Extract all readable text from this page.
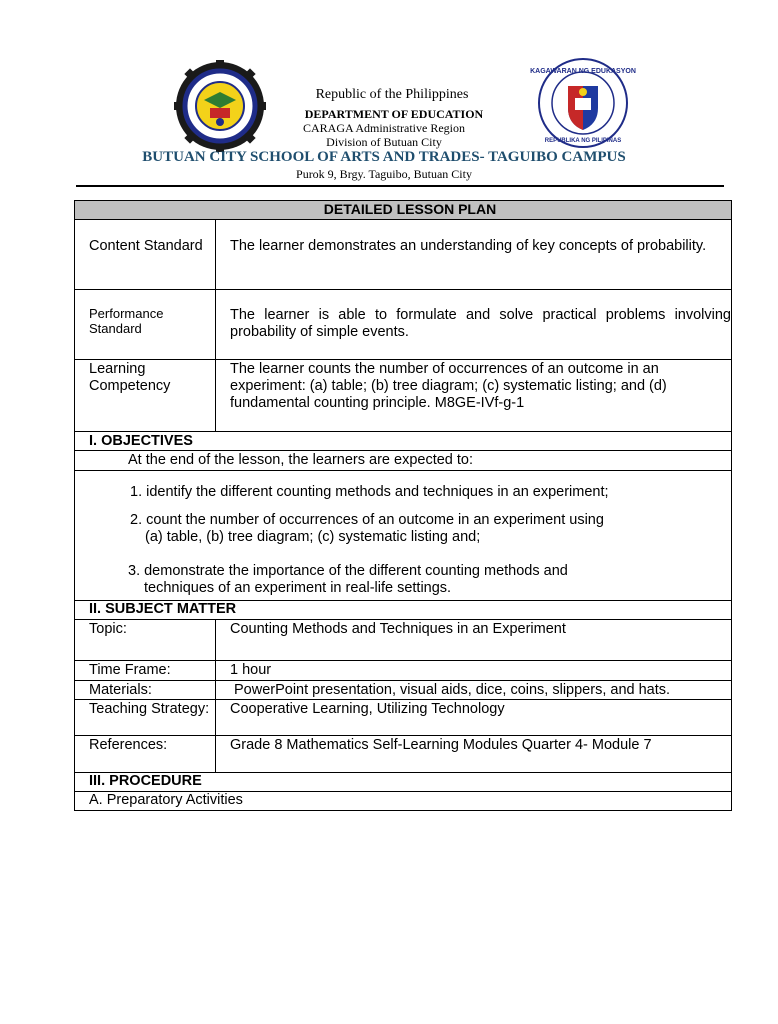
KAGAWARAN NG EDUKASYON
REPUBLIKA NG PILIPINAS
Republic of the Philippines
DEPARTMENT OF EDUCATION
CARAGA Administrative Region
Division of Butuan City
BUTUAN CITY SCHOOL OF ARTS AND TRADES- TAGUIBO CAMPUS
Purok 9, Brgy. Taguibo, Butuan City
DETAILED LESSON PLAN	
Content Standard	The learner demonstrates an understanding of key concepts of probability.
Performance Standard	The learner is able to formulate and solve practical problems involving probability of simple events.
Learning Competency	The learner counts the number of occurrences of an outcome in an experiment: (a) table; (b) tree diagram; (c) systematic listing; and (d) fundamental counting principle. M8GE-IVf-g-1
I. OBJECTIVES	
At the end of the lesson, the learners are expected to:	

1. identify the different counting methods and techniques in an experiment;
2. count the number of occurrences of an outcome in an experiment using
(a) table, (b) tree diagram; (c) systematic listing and;
3. demonstrate the importance of the different counting methods and
techniques of an experiment in real-life settings.	

II. SUBJECT MATTER	
Topic:	Counting Methods and Techniques in an Experiment
Time Frame:	1 hour
Materials:	PowerPoint presentation, visual aids, dice, coins, slippers, and hats.
Teaching Strategy:	Cooperative Learning, Utilizing Technology
References:	Grade 8 Mathematics Self-Learning Modules Quarter 4- Module 7
III. PROCEDURE	
A. Preparatory Activities	
